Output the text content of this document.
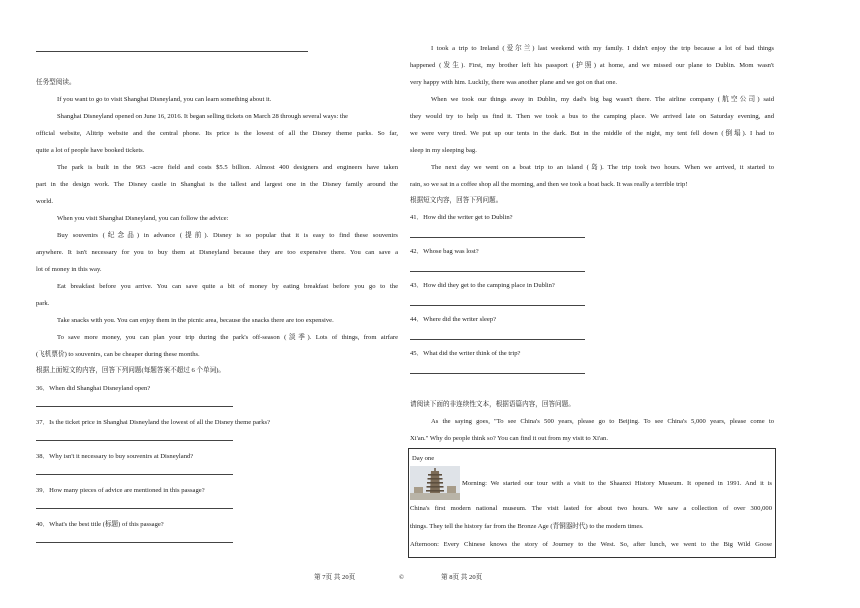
任务型阅读。
If you want to go to visit Shanghai Disneyland, you can learn something about it.
Shanghai Disneyland opened on June 16, 2016. It began selling tickets on March 28 through several ways: the
official website, Alitrip website and the central phone. Its price is the lowest of all the Disney theme parks. So far,
quite a lot of people have booked tickets.
The park is built in the 963 -acre field and costs $5.5 billion. Almost 400 designers and engineers have taken
part in the design work. The Disney castle in Shanghai is the tallest and largest one in the Disney family around the
world.
When you visit Shanghai Disneyland, you can follow the advice:
Buy souvenirs (纪念品) in advance (提前). Disney is so popular that it is easy to find these souvenirs
anywhere. It isn't necessary for you to buy them at Disneyland because they are too expensive there. You can save a
lot of money in this way.
Eat breakfast before you arrive. You can save quite a bit of money by eating breakfast before you go to the
park.
Take snacks with you. You can enjoy them in the picnic area, because the snacks there are too expensive.
To save more money, you can plan your trip during the park's off-season (淡季). Lots of things, from airfare
(飞机票价) to souvenirs, can be cheaper during these months.
根据上面短文的内容，回答下列问题(每题答案不超过 6 个单词)。
36．When did Shanghai Disneyland open?
37．Is the ticket price in Shanghai Disneyland the lowest of all the Disney theme parks?
38．Why isn't it necessary to buy souvenirs at Disneyland?
39．How many pieces of advice are mentioned in this passage?
40．What's the best title (标题) of this passage?
I took a trip to Ireland (爱尔兰) last weekend with my family. I didn't enjoy the trip because a lot of bad things
happened (发生). First, my brother left his passport (护照) at home, and we missed our plane to Dublin. Mom wasn't
very happy with him. Luckily, there was another plane and we got on that one.
When we took our things away in Dublin, my dad's big bag wasn't there. The airline company (航空公司) said
they would try to help us find it. Then we took a bus to the camping place. We arrived late on Saturday evening, and
we were very tired. We put up our tents in the dark. But in the middle of the night, my tent fell down (倒塌). I had to
sleep in my sleeping bag.
The next day we went on a boat trip to an island (岛). The trip took two hours. When we arrived, it started to
rain, so we sat in a coffee shop all the morning, and then we took a boat back. It was really a terrible trip!
根据短文内容，回答下列问题。
41．How did the writer get to Dublin?
42．Whose bag was lost?
43．How did they get to the camping place in Dublin?
44．Where did the writer sleep?
45．What did the writer think of the trip?
请阅读下面的非连续性文本，根据语篇内容，回答问题。
As the saying goes, "To see China's 500 years, please go to Beijing. To see China's 5,000 years, please come to
Xi'an." Why do people think so? You can find it out from my visit to Xi'an.
Day one
Morning: We started our tour with a visit to the Shaanxi History Museum. It opened in 1991. And it is
China's first modern national museum. The visit lasted for about two hours. We saw a collection of over 300,000
things. They tell the history far from the Bronze Age (青铜器时代) to the modern times.
Afternoon: Every Chinese knows the story of Journey to the West. So, after lunch, we went to the Big Wild Goose
第 7页 共 20页	©	第 8页 共 20页
